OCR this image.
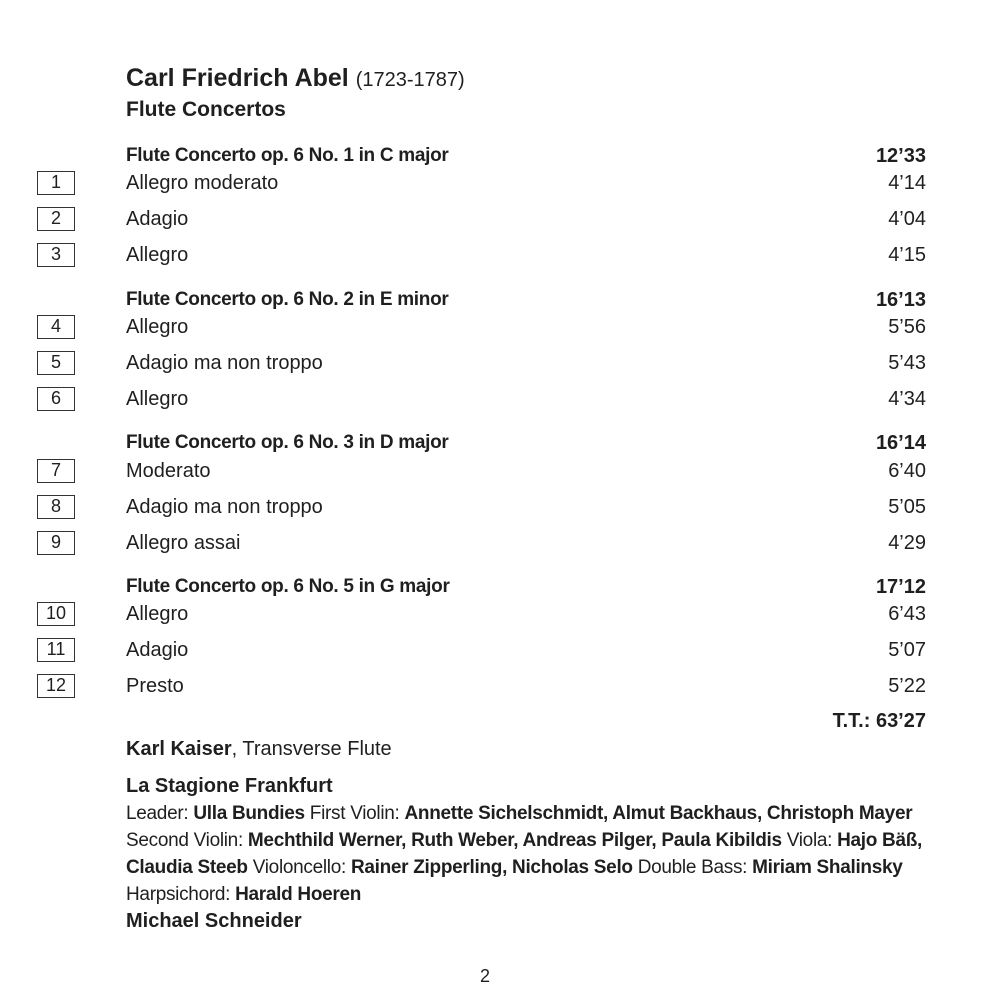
Carl Friedrich Abel (1723-1787)
Flute Concertos
Flute Concerto op. 6 No. 1 in C major	12’33
1	Allegro moderato	4’14
2	Adagio	4’04
3	Allegro	4’15
Flute Concerto op. 6 No. 2 in E minor	16’13
4	Allegro	5’56
5	Adagio ma non troppo	5’43
6	Allegro	4’34
Flute Concerto op. 6 No. 3 in D major	16’14
7	Moderato	6’40
8	Adagio ma non troppo	5’05
9	Allegro assai	4’29
Flute Concerto op. 6 No. 5 in G major	17’12
10	Allegro	6’43
11	Adagio	5’07
12	Presto	5’22
T.T.: 63’27
Karl Kaiser, Transverse Flute
La Stagione Frankfurt
Leader: Ulla Bundies First Violin: Annette Sichelschmidt, Almut Backhaus, Christoph Mayer Second Violin: Mechthild Werner, Ruth Weber, Andreas Pilger, Paula Kibildis Viola: Hajo Bäß, Claudia Steeb Violoncello: Rainer Zipperling, Nicholas Selo Double Bass: Miriam Shalinsky Harpsichord: Harald Hoeren
Michael Schneider
2
